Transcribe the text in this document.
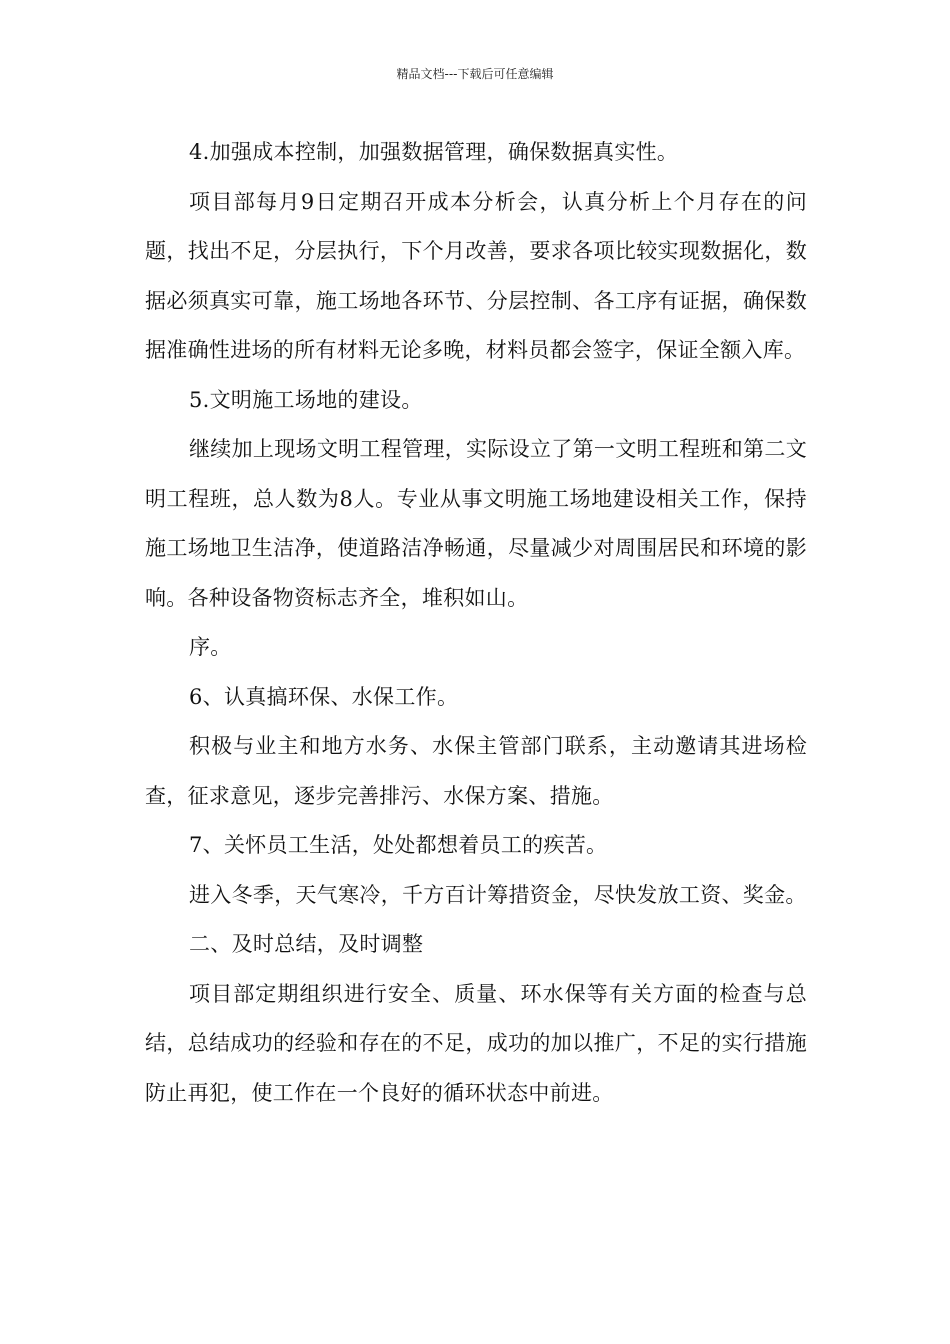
精品文档---下载后可任意编辑

4.加强成本控制，加强数据管理，确保数据真实性。

项目部每月9日定期召开成本分析会，认真分析上个月存在的问题，找出不足，分层执行，下个月改善，要求各项比较实现数据化，数据必须真实可靠，施工场地各环节、分层控制、各工序有证据，确保数据准确性进场的所有材料无论多晚，材料员都会签字，保证全额入库。

5.文明施工场地的建设。

继续加上现场文明工程管理，实际设立了第一文明工程班和第二文明工程班，总人数为8人。专业从事文明施工场地建设相关工作，保持施工场地卫生洁净，使道路洁净畅通，尽量减少对周围居民和环境的影响。各种设备物资标志齐全，堆积如山。

序。

6、认真搞环保、水保工作。

积极与业主和地方水务、水保主管部门联系，主动邀请其进场检查，征求意见，逐步完善排污、水保方案、措施。

7、关怀员工生活，处处都想着员工的疾苦。

进入冬季，天气寒冷，千方百计筹措资金，尽快发放工资、奖金。

二、及时总结，及时调整

项目部定期组织进行安全、质量、环水保等有关方面的检查与总结，总结成功的经验和存在的不足，成功的加以推广，不足的实行措施防止再犯，使工作在一个良好的循环状态中前进。
